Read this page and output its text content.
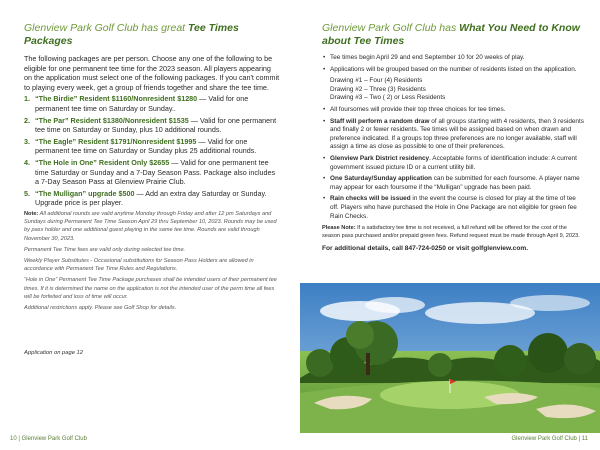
Glenview Park Golf Club has great Tee Times Packages

The following packages are per person. Choose any one of the following to be eligible for one permanent tee time for the 2023 season. All players appearing on the application must select one of the following packages. If you can't commit to playing every week, get a group of friends together and share the tee time.

1. “The Birdie” Resident $1160/Nonresident $1280 — Valid for one permanent tee time on Saturday or Sunday..
2. “The Par” Resident $1380/Nonresident $1535 — Valid for one permanent tee time on Saturday or Sunday, plus 10 additional rounds.
3. “The Eagle” Resident $1791/Nonresident $1995 — Valid for one permanent tee time on Saturday or Sunday plus 25 additional rounds.
4. “The Hole in One” Resident Only $2655 — Valid for one permanent tee time Saturday or Sunday and a 7-Day Season Pass. Package also includes a 7-Day Season Pass at Glenview Prairie Club.
5. “The Mulligan” upgrade $500 — Add an extra day Saturday or Sunday. Upgrade price is per player.

Note: All additional rounds are valid anytime Monday through Friday and after 12 pm Saturdays and Sundays during Permanent Tee Time Season April 29 thru September 10, 2023. Rounds may be used by pass holder and one additional guest playing in the same tee time. Rounds are valid through November 30, 2023.

Permanent Tee Time fees are valid only during selected tee time.

Weekly Player Substitutes - Occasional substitutions for Season Pass Holders are allowed in accordance with Permanent Tee Time Rules and Regulations.

“Hole in One” Permanent Tee Time Package purchases shall be intended users of their permanent tee times. If it is determined the name on the application is not the intended user of the perm time all fees will be forfeited and loss of time will occur.

Additional restrictions apply. Please see Golf Shop for details.

Application on page 12
10 | Glenview Park Golf Club
Glenview Park Golf Club has What You Need to Know about Tee Times
• Tee times begin April 29 and end September 10 for 20 weeks of play.
• Applications will be grouped based on the number of residents listed on the application.
Drawing #1 – Four (4) Residents
Drawing #2 – Three (3) Residents
Drawing #3 – Two ( 2) or Less Residents
• All foursomes will provide their top three choices for tee times.
• Staff will perform a random draw of all groups starting with 4 residents, then 3 residents and finally 2 or fewer residents. Tee times will be assigned based on when drawn and preference indicated. If a groups top three preferences are no longer available, staff will assign a time as close as possible to one of their preferences.
• Glenview Park District residency. Acceptable forms of identification include: A current government issued picture ID or a current utility bill.
• One Saturday/Sunday application can be submitted for each foursome. A player name may appear for each foursome if the “Mulligan” upgrade has been paid.
• Rain checks will be issued in the event the course is closed for play at the time of tee off. Players who have purchased the Hole in One Package are not eligible for green fee Rain Checks.

Please Note: If a satisfactory tee time is not received, a full refund will be offered for the cost of the season pass purchased and/or prepaid green fees. Refund request must be made through April 9, 2023.

For additional details, call 847-724-0250 or visit golfglenview.com.

Glenview Park Golf Club | 11
